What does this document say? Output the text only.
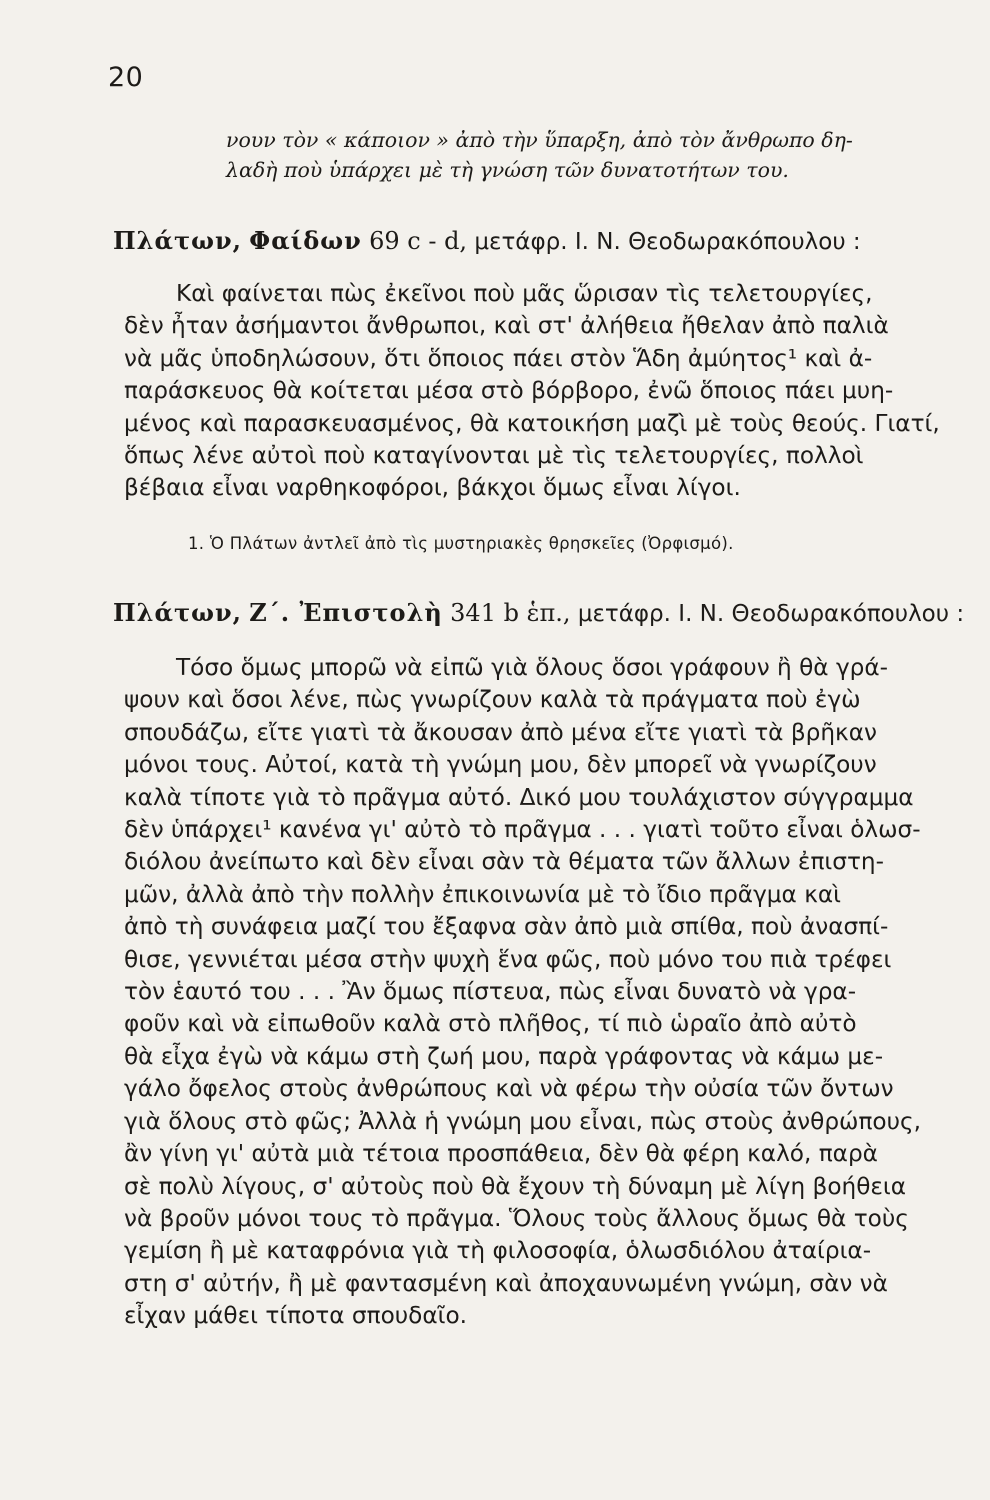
20
νουν τὸν « κάποιον » ἀπὸ τὴν ὕπαρξη, ἀπὸ τὸν ἄνθρωπο δη-
λαδὴ ποὺ ὑπάρχει μὲ τὴ γνώση τῶν δυνατοτήτων του.
Πλάτων, Φαίδων 69 c - d, μετάφρ. Ι. Ν. Θεοδωρακόπουλου :
Καὶ φαίνεται πὼς ἐκεῖνοι ποὺ μᾶς ὥρισαν τὶς τελετουργίες,
δὲν ἦταν ἀσήμαντοι ἄνθρωποι, καὶ στ' ἀλήθεια ἤθελαν ἀπὸ παλιὰ
νὰ μᾶς ὑποδηλώσουν, ὅτι ὅποιος πάει στὸν Ἅδη ἀμύητος¹ καὶ ἀ-
παράσκευος θὰ κοίτεται μέσα στὸ βόρβορο, ἐνῶ ὅποιος πάει μυη-
μένος καὶ παρασκευασμένος, θὰ κατοικήση μαζὶ μὲ τοὺς θεούς. Γιατί,
ὅπως λένε αὐτοὶ ποὺ καταγίνονται μὲ τὶς τελετουργίες, πολλοὶ
βέβαια εἶναι ναρθηκοφόροι, βάκχοι ὅμως εἶναι λίγοι.
1. Ὁ Πλάτων ἀντλεῖ ἀπὸ τὶς μυστηριακὲς θρησκεῖες (Ὀρφισμό).
Πλάτων, Ζ΄. Ἐπιστολὴ 341 b ἑπ., μετάφρ. Ι. Ν. Θεοδωρακόπουλου :
Τόσο ὅμως μπορῶ νὰ εἰπῶ γιὰ ὅλους ὅσοι γράφουν ἢ θὰ γρά-
ψουν καὶ ὅσοι λένε, πὼς γνωρίζουν καλὰ τὰ πράγματα ποὺ ἐγὼ
σπουδάζω, εἴτε γιατὶ τὰ ἄκουσαν ἀπὸ μένα εἴτε γιατὶ τὰ βρῆκαν
μόνοι τους. Αὐτοί, κατὰ τὴ γνώμη μου, δὲν μπορεῖ νὰ γνωρίζουν
καλὰ τίποτε γιὰ τὸ πρᾶγμα αὐτό. Δικό μου τουλάχιστον σύγγραμμα
δὲν ὑπάρχει¹ κανένα γι' αὐτὸ τὸ πρᾶγμα . . . γιατὶ τοῦτο εἶναι ὁλωσ-
διόλου ἀνείπωτο καὶ δὲν εἶναι σὰν τὰ θέματα τῶν ἄλλων ἐπιστη-
μῶν, ἀλλὰ ἀπὸ τὴν πολλὴν ἐπικοινωνία μὲ τὸ ἴδιο πρᾶγμα καὶ
ἀπὸ τὴ συνάφεια μαζί του ἔξαφνα σὰν ἀπὸ μιὰ σπίθα, ποὺ ἀνασπί-
θισε, γεννιέται μέσα στὴν ψυχὴ ἕνα φῶς, ποὺ μόνο του πιὰ τρέφει
τὸν ἑαυτό του . . . Ἂν ὅμως πίστευα, πὼς εἶναι δυνατὸ νὰ γρα-
φοῦν καὶ νὰ εἰπωθοῦν καλὰ στὸ πλῆθος, τί πιὸ ὡραῖο ἀπὸ αὐτὸ
θὰ εἶχα ἐγὼ νὰ κάμω στὴ ζωή μου, παρὰ γράφοντας νὰ κάμω με-
γάλο ὄφελος στοὺς ἀνθρώπους καὶ νὰ φέρω τὴν οὐσία τῶν ὄντων
γιὰ ὅλους στὸ φῶς; Ἀλλὰ ἡ γνώμη μου εἶναι, πὼς στοὺς ἀνθρώπους,
ἂν γίνη γι' αὐτὰ μιὰ τέτοια προσπάθεια, δὲν θὰ φέρη καλό, παρὰ
σὲ πολὺ λίγους, σ' αὐτοὺς ποὺ θὰ ἔχουν τὴ δύναμη μὲ λίγη βοήθεια
νὰ βροῦν μόνοι τους τὸ πρᾶγμα. Ὅλους τοὺς ἄλλους ὅμως θὰ τοὺς
γεμίση ἢ μὲ καταφρόνια γιὰ τὴ φιλοσοφία, ὁλωσδιόλου ἀταίρια-
στη σ' αὐτήν, ἢ μὲ φαντασμένη καὶ ἀποχαυνωμένη γνώμη, σὰν νὰ
εἶχαν μάθει τίποτα σπουδαῖο.
